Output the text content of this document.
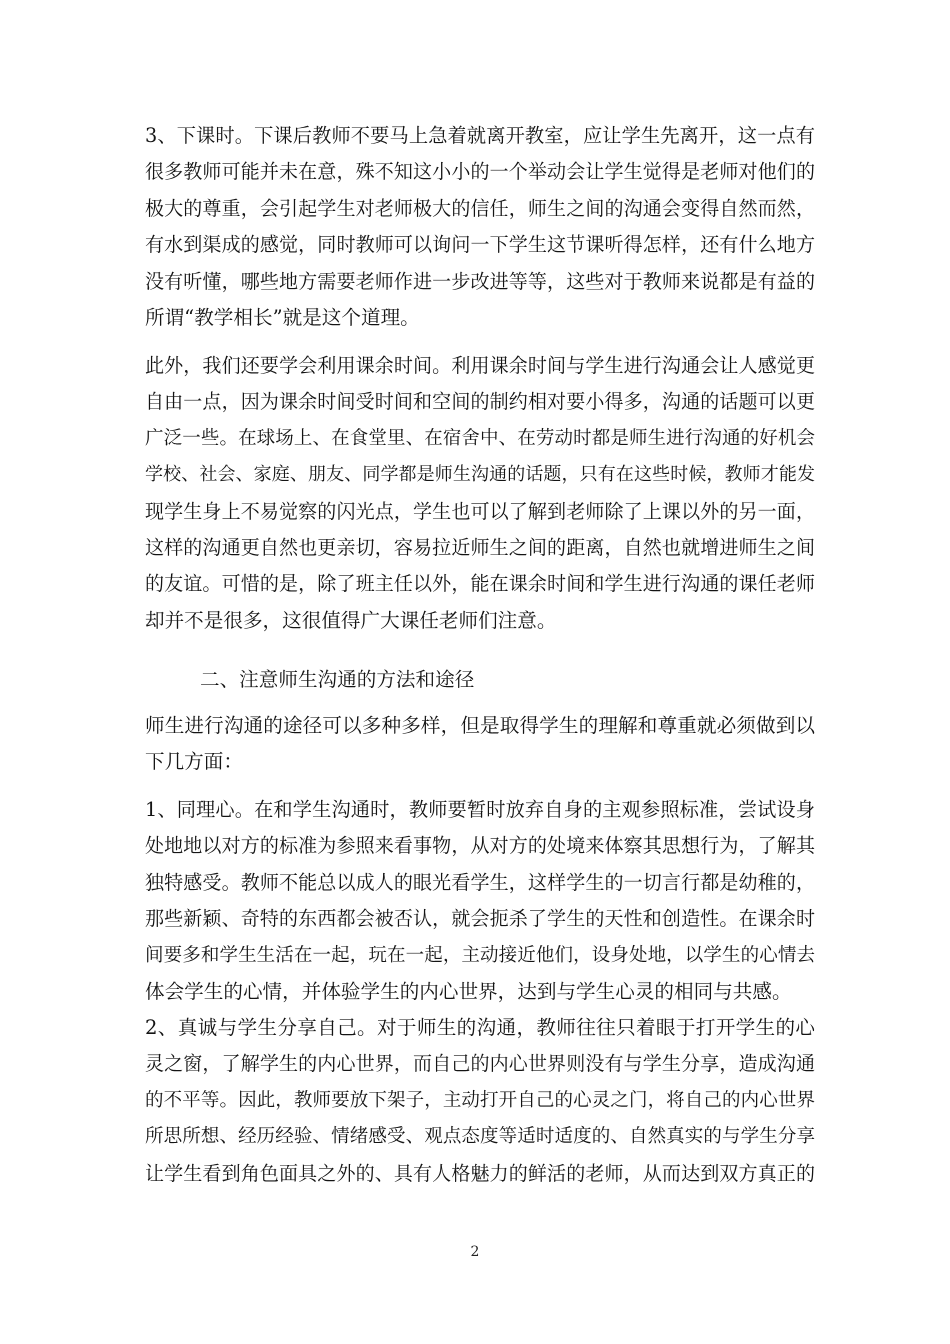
3、下课时。下课后教师不要马上急着就离开教室，应让学生先离开，这一点有
很多教师可能并未在意，殊不知这小小的一个举动会让学生觉得是老师对他们的
极大的尊重，会引起学生对老师极大的信任，师生之间的沟通会变得自然而然，
有水到渠成的感觉，同时教师可以询问一下学生这节课听得怎样，还有什么地方
没有听懂，哪些地方需要老师作进一步改进等等，这些对于教师来说都是有益的
所谓“教学相长”就是这个道理。
此外，我们还要学会利用课余时间。利用课余时间与学生进行沟通会让人感觉更
自由一点，因为课余时间受时间和空间的制约相对要小得多，沟通的话题可以更
广泛一些。在球场上、在食堂里、在宿舍中、在劳动时都是师生进行沟通的好机会
学校、社会、家庭、朋友、同学都是师生沟通的话题，只有在这些时候，教师才能发
现学生身上不易觉察的闪光点，学生也可以了解到老师除了上课以外的另一面，
这样的沟通更自然也更亲切，容易拉近师生之间的距离，自然也就增进师生之间
的友谊。可惜的是，除了班主任以外，能在课余时间和学生进行沟通的课任老师
却并不是很多，这很值得广大课任老师们注意。
二、注意师生沟通的方法和途径
师生进行沟通的途径可以多种多样，但是取得学生的理解和尊重就必须做到以
下几方面：
1、同理心。在和学生沟通时，教师要暂时放弃自身的主观参照标准，尝试设身
处地地以对方的标准为参照来看事物，从对方的处境来体察其思想行为，了解其
独特感受。教师不能总以成人的眼光看学生，这样学生的一切言行都是幼稚的，
那些新颖、奇特的东西都会被否认，就会扼杀了学生的天性和创造性。在课余时
间要多和学生生活在一起，玩在一起，主动接近他们，设身处地，以学生的心情去
体会学生的心情，并体验学生的内心世界，达到与学生心灵的相同与共感。
2、真诚与学生分享自己。对于师生的沟通，教师往往只着眼于打开学生的心
灵之窗，了解学生的内心世界，而自己的内心世界则没有与学生分享，造成沟通
的不平等。因此，教师要放下架子，主动打开自己的心灵之门，将自己的内心世界
所思所想、经历经验、情绪感受、观点态度等适时适度的、自然真实的与学生分享
让学生看到角色面具之外的、具有人格魅力的鲜活的老师，从而达到双方真正的
2
